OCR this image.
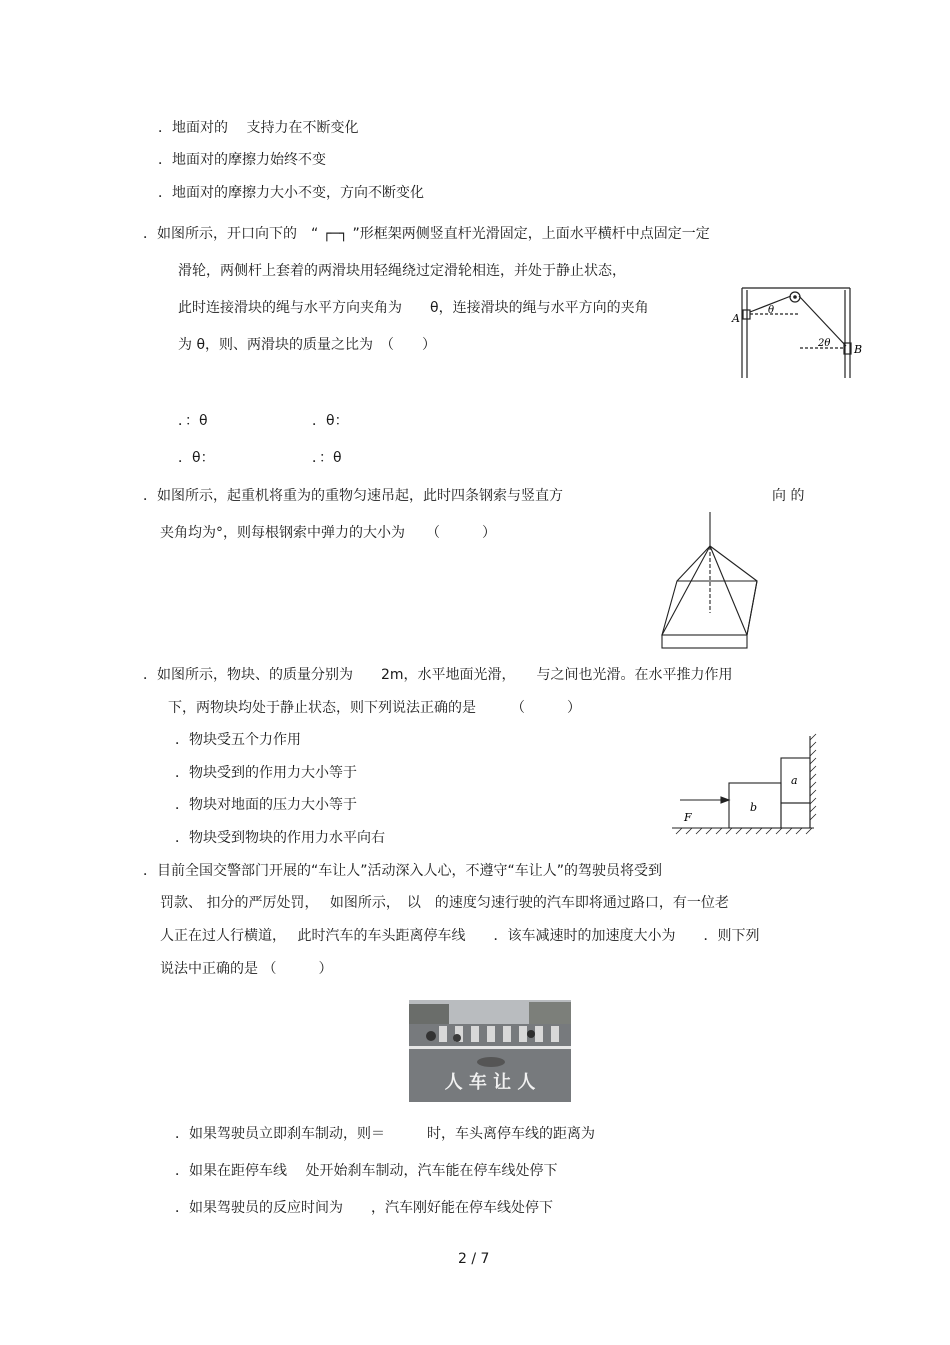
．地面对的　 支持力在不断变化
．地面对的摩擦力始终不变
．地面对的摩擦力大小不变，方向不断变化
．如图所示，开口向下的　“ ┌─┐ ”形框架两侧竖直杆光滑固定，上面水平横杆中点固定一定
滑轮，两侧杆上套着的两滑块用轻绳绕过定滑轮相连，并处于静止状态，
此时连接滑块的绳与水平方向夹角为　　θ，连接滑块的绳与水平方向的夹角
为 θ，则、两滑块的质量之比为　（　　）
．：θ	．θ：
．θ：	．：θ
．如图所示，起重机将重为的重物匀速吊起，此时四条钢索与竖直方	向 的
夹角均为°，则每根钢索中弹力的大小为　　（　　　）
．如图所示，物块、的质量分别为　　2m，水平地面光滑，　　与之间也光滑。在水平推力作用
下，两物块均处于静止状态，则下列说法正确的是　　　（　　　）
．物块受五个力作用
．物块受到的作用力大小等于
．物块对地面的压力大小等于
．物块受到物块的作用力水平向右
．目前全国交警部门开展的“车让人”活动深入人心，不遵守“车让人”的驾驶员将受到
罚款、 扣分的严厉处罚，　 如图所示，　以　的速度匀速行驶的汽车即将通过路口，有一位老
人正在过人行横道，　 此时汽车的车头距离停车线　　．该车减速时的加速度大小为　　．则下列
说法中正确的是 （　　　）
．如果驾驶员立即刹车制动，则＝　　　时，车头离停车线的距离为
．如果在距停车线　 处开始刹车制动，汽车能在停车线处停下
．如果驾驶员的反应时间为　　，汽车刚好能在停车线处停下
2 / 7
A
B
θ
2θ
a
b
F
人 车 让 人
